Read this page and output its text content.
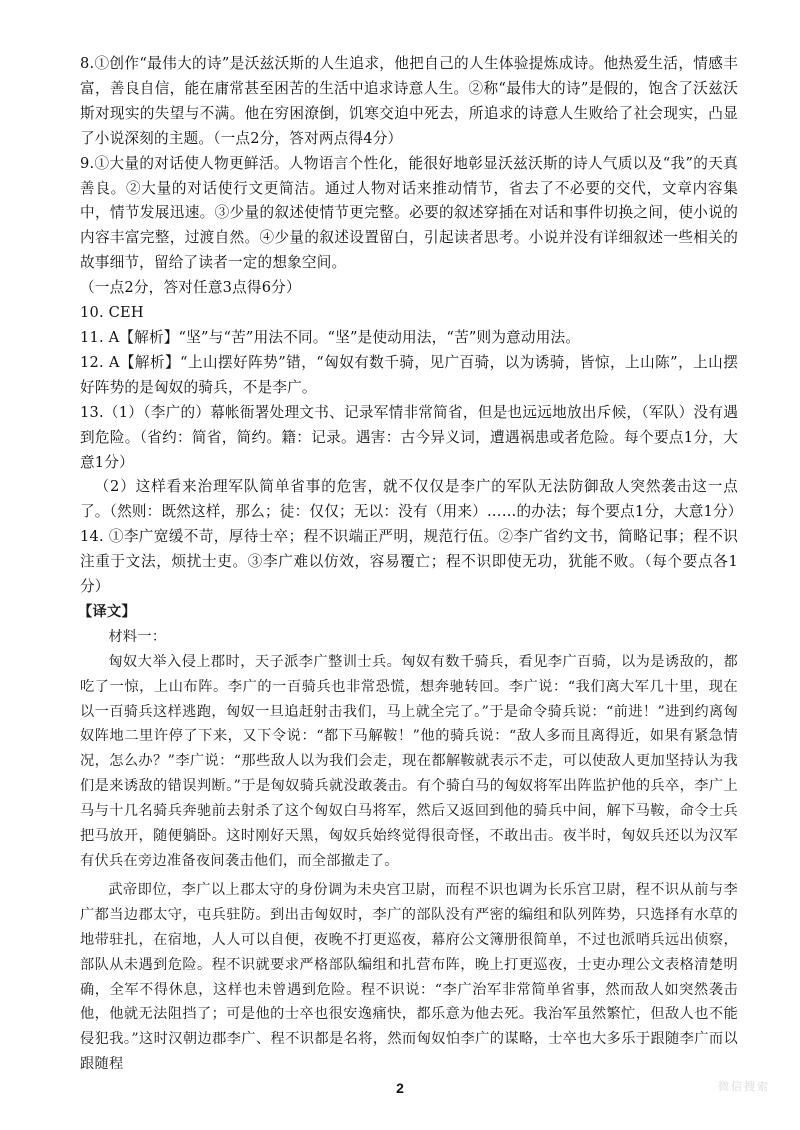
8.①创作“最伟大的诗”是沃兹沃斯的人生追求，他把自己的人生体验提炼成诗。他热爱生活，情感丰富，善良自信，能在庸常甚至困苦的生活中追求诗意人生。②称“最伟大的诗”是假的，饱含了沃兹沃斯对现实的失望与不满。他在穷困潦倒，饥寒交迫中死去，所追求的诗意人生败给了社会现实，凸显了小说深刻的主题。（一点2分，答对两点得4分）

9.①大量的对话使人物更鲜活。人物语言个性化，能很好地彰显沃兹沃斯的诗人气质以及“我”的天真善良。②大量的对话使行文更简洁。通过人物对话来推动情节，省去了不必要的交代，文章内容集中，情节发展迅速。③少量的叙述使情节更完整。必要的叙述穿插在对话和事件切换之间，使小说的内容丰富完整，过渡自然。④少量的叙述设置留白，引起读者思考。小说并没有详细叙述一些相关的故事细节，留给了读者一定的想象空间。

（一点2分，答对任意3点得6分）

10. CEH

11. A【解析】“坚”与“苦”用法不同。“坚”是使动用法，“苦”则为意动用法。

12. A【解析】“上山摆好阵势”错，“匈奴有数千骑，见广百骑，以为诱骑，皆惊，上山陈”，上山摆好阵势的是匈奴的骑兵，不是李广。

13.（1）（李广的）幕帐衙署处理文书、记录军情非常简省，但是也远远地放出斥候，（军队）没有遇到危险。（省约：简省，简约。籍：记录。遇害：古今异义词，遭遇祸患或者危险。每个要点1分，大意1分）

（2）这样看来治理军队简单省事的危害，就不仅仅是李广的军队无法防御敌人突然袭击这一点了。（然则：既然这样，那么；徒：仅仅；无以：没有（用来）……的办法；每个要点1分，大意1分）

14. ①李广宽缓不苛，厚待士卒；程不识端正严明，规范行伍。②李广省约文书，简略记事；程不识注重于文法，烦扰士吏。③李广难以仿效，容易覆亡；程不识即使无功，犹能不败。（每个要点各1分）

【译文】

材料一：

匈奴大举入侵上郡时，天子派李广整训士兵。匈奴有数千骑兵，看见李广百骑，以为是诱敌的，都吃了一惊，上山布阵。李广的一百骑兵也非常恐慌，想奔驰转回。李广说：“我们离大军几十里，现在以一百骑兵这样逃跑，匈奴一旦追赶射击我们，马上就全完了。”于是命令骑兵说：“前进！”进到约离匈奴阵地二里许停了下来，又下令说：“都下马解鞍！”他的骑兵说：“敌人多而且离得近，如果有紧急情况，怎么办？”李广说：“那些敌人以为我们会走，现在都解鞍就表示不走，可以使敌人更加坚持认为我们是来诱敌的错误判断。”于是匈奴骑兵就没敢袭击。有个骑白马的匈奴将军出阵监护他的兵卒，李广上马与十几名骑兵奔驰前去射杀了这个匈奴白马将军，然后又返回到他的骑兵中间，解下马鞍，命令士兵把马放开，随便躺卧。这时刚好天黑，匈奴兵始终觉得很奇怪，不敢出击。夜半时，匈奴兵还以为汉军有伏兵在旁边准备夜间袭击他们，而全部撤走了。

武帝即位，李广以上郡太守的身份调为未央宫卫尉，而程不识也调为长乐宫卫尉，程不识从前与李广都当边郡太守，屯兵驻防。到出击匈奴时，李广的部队没有严密的编组和队列阵势，只选择有水草的地带驻扎，在宿地，人人可以自便，夜晚不打更巡夜，幕府公文簿册很简单，不过也派哨兵远出侦察，部队从未遇到危险。程不识就要求严格部队编组和扎营布阵，晚上打更巡夜，士吏办理公文表格清楚明确，全军不得休息，这样也未曾遇到危险。程不识说：“李广治军非常简单省事，然而敌人如突然袭击他，他就无法阻挡了；可是他的士卒也很安逸痛快，都乐意为他去死。我治军虽然繁忙，但敌人也不能侵犯我。”这时汉朝边郡李广、程不识都是名将，然而匈奴怕李广的谋略，士卒也大多乐于跟随李广而以跟随程

2	微信搜索
